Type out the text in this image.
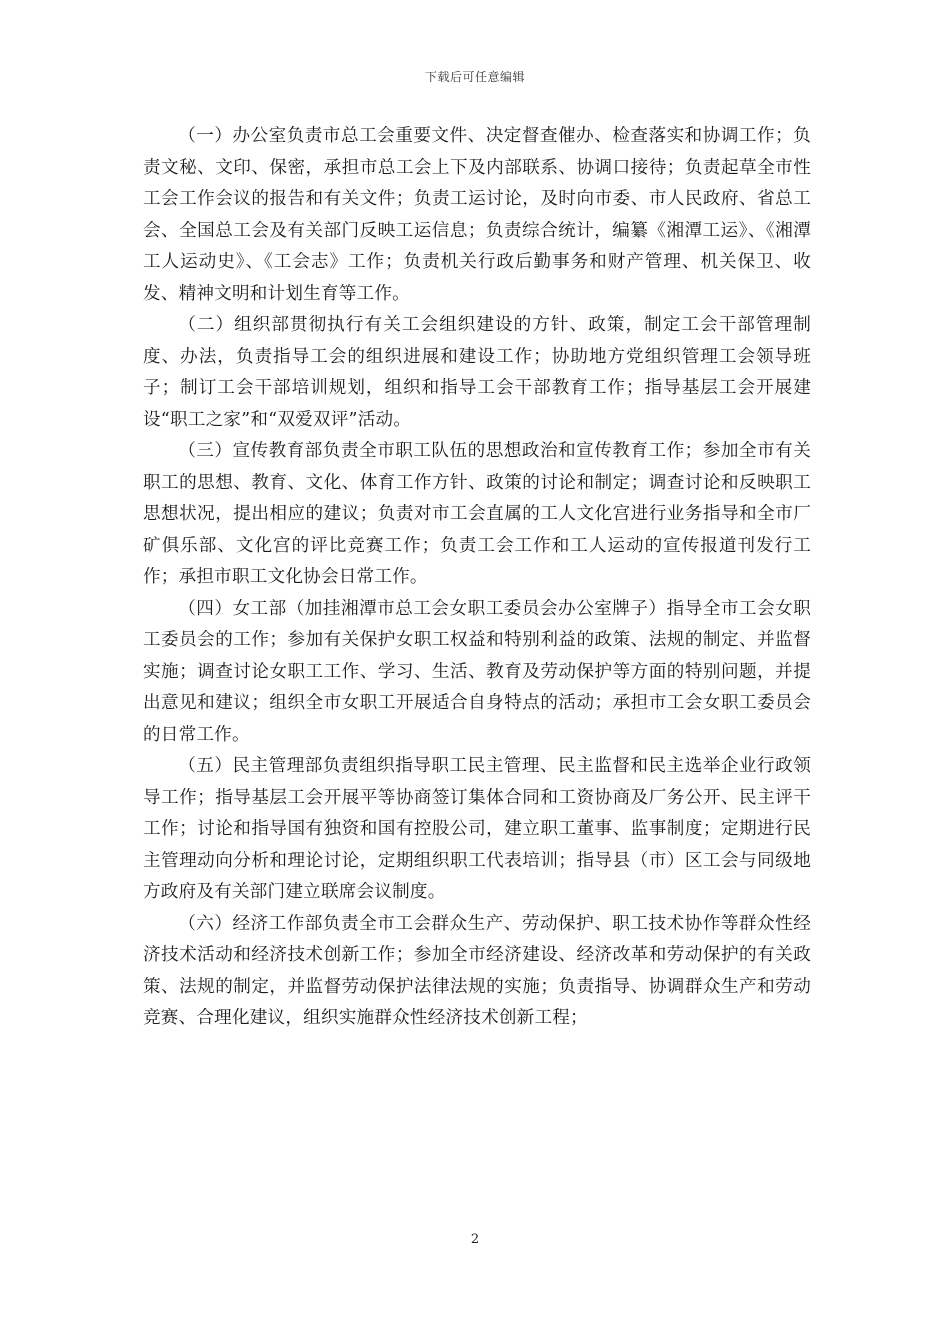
下载后可任意编辑

（一）办公室负责市总工会重要文件、决定督查催办、检查落实和协调工作；负责文秘、文印、保密，承担市总工会上下及内部联系、协调口接待；负责起草全市性工会工作会议的报告和有关文件；负责工运讨论，及时向市委、市人民政府、省总工会、全国总工会及有关部门反映工运信息；负责综合统计，编纂《湘潭工运》、《湘潭工人运动史》、《工会志》工作；负责机关行政后勤事务和财产管理、机关保卫、收发、精神文明和计划生育等工作。

（二）组织部贯彻执行有关工会组织建设的方针、政策，制定工会干部管理制度、办法，负责指导工会的组织进展和建设工作；协助地方党组织管理工会领导班子；制订工会干部培训规划，组织和指导工会干部教育工作；指导基层工会开展建设“职工之家”和“双爱双评”活动。

（三）宣传教育部负责全市职工队伍的思想政治和宣传教育工作；参加全市有关职工的思想、教育、文化、体育工作方针、政策的讨论和制定；调查讨论和反映职工思想状况，提出相应的建议；负责对市工会直属的工人文化宫进行业务指导和全市厂矿俱乐部、文化宫的评比竞赛工作；负责工会工作和工人运动的宣传报道刊发行工作；承担市职工文化协会日常工作。

（四）女工部（加挂湘潭市总工会女职工委员会办公室牌子）指导全市工会女职工委员会的工作；参加有关保护女职工权益和特别利益的政策、法规的制定、并监督实施；调查讨论女职工工作、学习、生活、教育及劳动保护等方面的特别问题，并提出意见和建议；组织全市女职工开展适合自身特点的活动；承担市工会女职工委员会的日常工作。

（五）民主管理部负责组织指导职工民主管理、民主监督和民主选举企业行政领导工作；指导基层工会开展平等协商签订集体合同和工资协商及厂务公开、民主评干工作；讨论和指导国有独资和国有控股公司，建立职工董事、监事制度；定期进行民主管理动向分析和理论讨论，定期组织职工代表培训；指导县（市）区工会与同级地方政府及有关部门建立联席会议制度。

（六）经济工作部负责全市工会群众生产、劳动保护、职工技术协作等群众性经济技术活动和经济技术创新工作；参加全市经济建设、经济改革和劳动保护的有关政策、法规的制定，并监督劳动保护法律法规的实施；负责指导、协调群众生产和劳动竞赛、合理化建议，组织实施群众性经济技术创新工程；

2
